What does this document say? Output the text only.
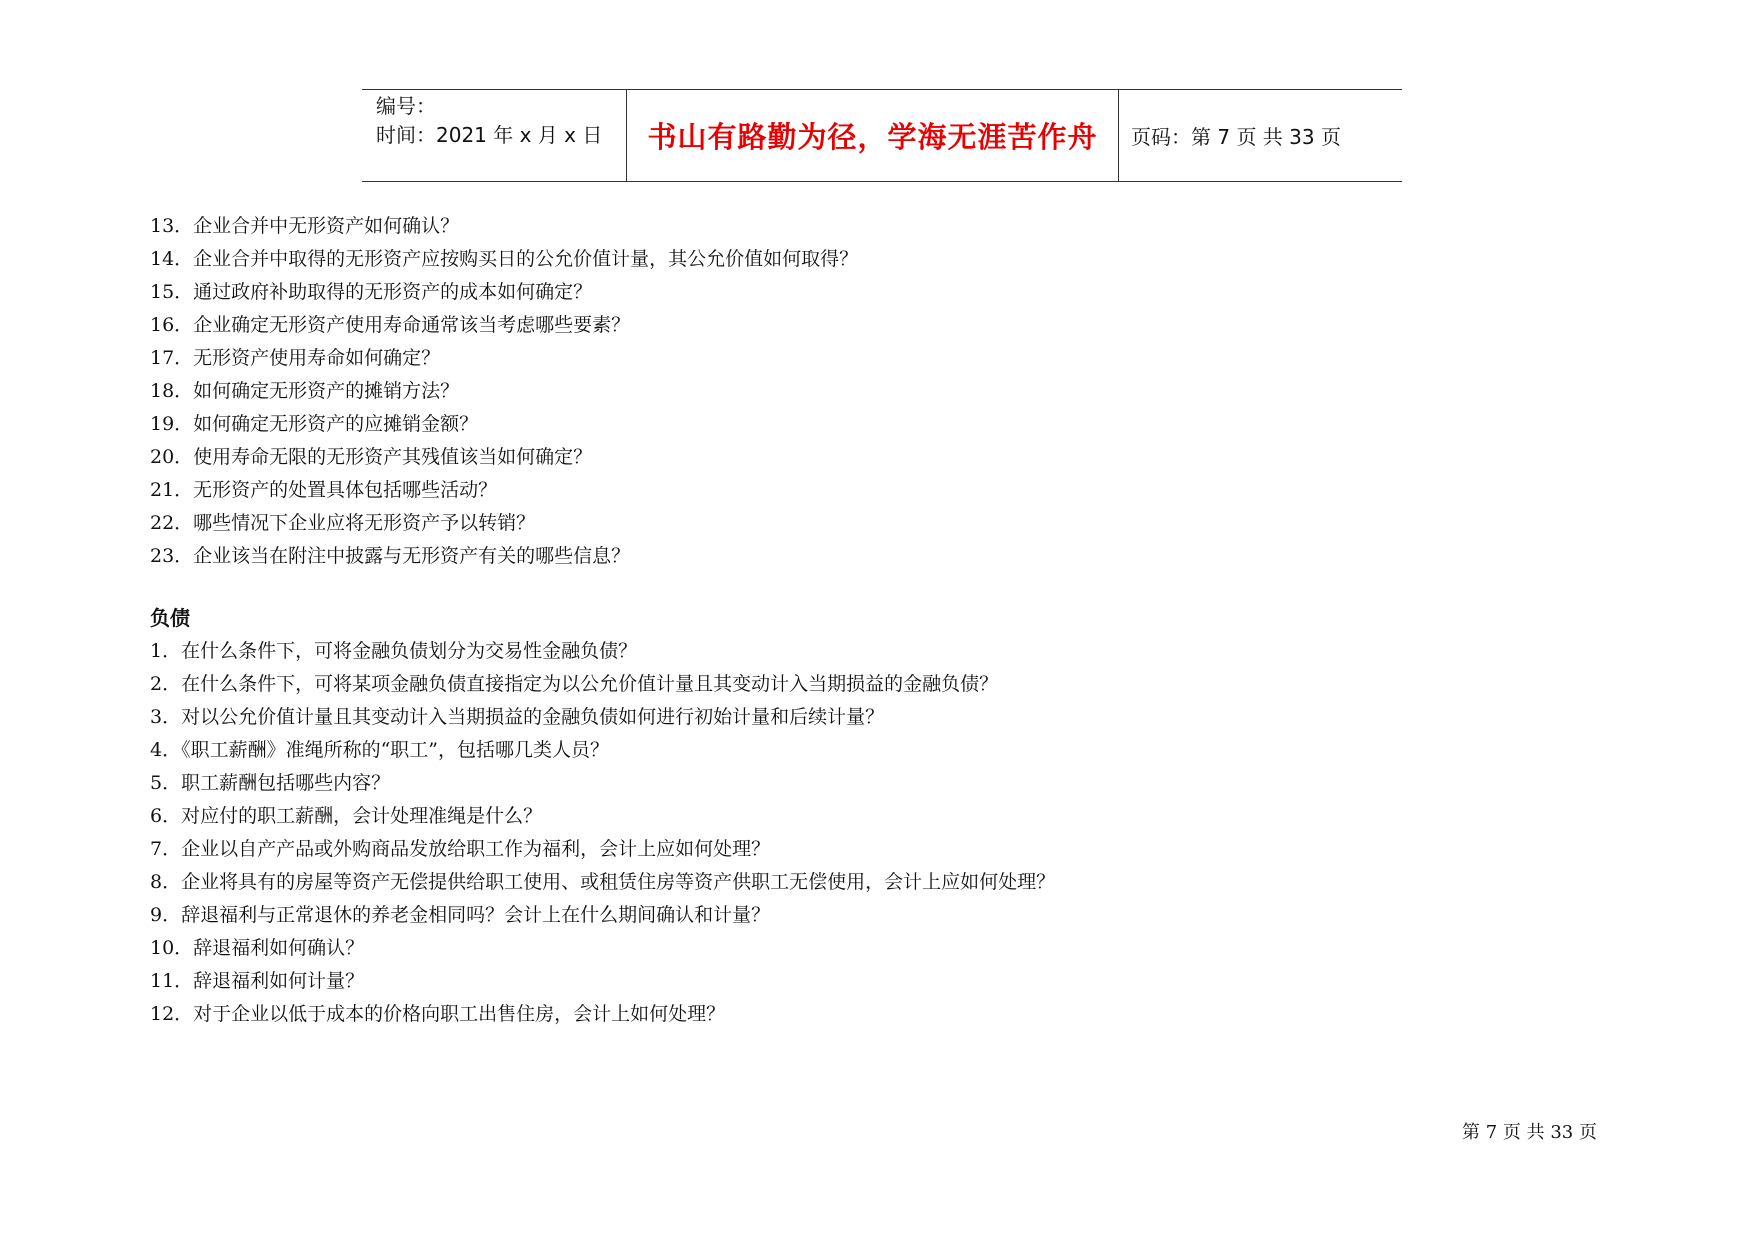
编号：
时间：2021 年 x 月 x 日	书山有路勤为径，学海无涯苦作舟 页码：第 7 页 共 33 页
13．企业合并中无形资产如何确认？
14．企业合并中取得的无形资产应按购买日的公允价值计量，其公允价值如何取得？
15．通过政府补助取得的无形资产的成本如何确定？
16．企业确定无形资产使用寿命通常该当考虑哪些要素？
17．无形资产使用寿命如何确定？
18．如何确定无形资产的摊销方法？
19．如何确定无形资产的应摊销金额？
20．使用寿命无限的无形资产其残值该当如何确定？
21．无形资产的处置具体包括哪些活动？
22．哪些情况下企业应将无形资产予以转销？
23．企业该当在附注中披露与无形资产有关的哪些信息？
负债
1．在什么条件下，可将金融负债划分为交易性金融负债？
2．在什么条件下，可将某项金融负债直接指定为以公允价值计量且其变动计入当期损益的金融负债？
3．对以公允价值计量且其变动计入当期损益的金融负债如何进行初始计量和后续计量？
4．《职工薪酬》准绳所称的“职工”，包括哪几类人员？
5．职工薪酬包括哪些内容？
6．对应付的职工薪酬，会计处理准绳是什么？
7．企业以自产产品或外购商品发放给职工作为福利，会计上应如何处理？
8．企业将具有的房屋等资产无偿提供给职工使用、或租赁住房等资产供职工无偿使用，会计上应如何处理？
9．辞退福利与正常退休的养老金相同吗？会计上在什么期间确认和计量？
10．辞退福利如何确认？
11．辞退福利如何计量？
12．对于企业以低于成本的价格向职工出售住房，会计上如何处理？
第 7 页 共 33 页
